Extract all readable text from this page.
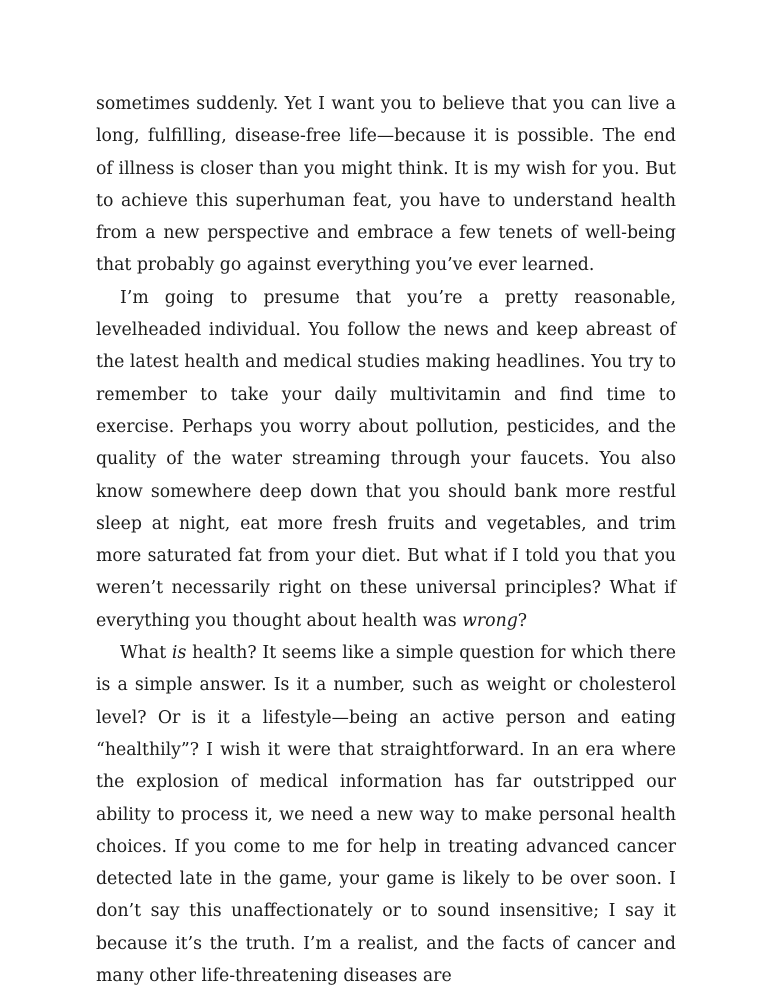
sometimes suddenly. Yet I want you to believe that you can live a long, fulfilling, disease-free life—because it is possible. The end of illness is closer than you might think. It is my wish for you. But to achieve this superhuman feat, you have to understand health from a new perspective and embrace a few tenets of well-being that probably go against everything you’ve ever learned.

I’m going to presume that you’re a pretty reasonable, levelheaded individual. You follow the news and keep abreast of the latest health and medical studies making headlines. You try to remember to take your daily multivitamin and find time to exercise. Perhaps you worry about pollution, pesticides, and the quality of the water streaming through your faucets. You also know somewhere deep down that you should bank more restful sleep at night, eat more fresh fruits and vegetables, and trim more saturated fat from your diet. But what if I told you that you weren’t necessarily right on these universal principles? What if everything you thought about health was wrong?

What is health? It seems like a simple question for which there is a simple answer. Is it a number, such as weight or cholesterol level? Or is it a lifestyle—being an active person and eating “healthily”? I wish it were that straightforward. In an era where the explosion of medical information has far outstripped our ability to process it, we need a new way to make personal health choices. If you come to me for help in treating advanced cancer detected late in the game, your game is likely to be over soon. I don’t say this unaffectionately or to sound insensitive; I say it because it’s the truth. I’m a realist, and the facts of cancer and many other life-threatening diseases are
